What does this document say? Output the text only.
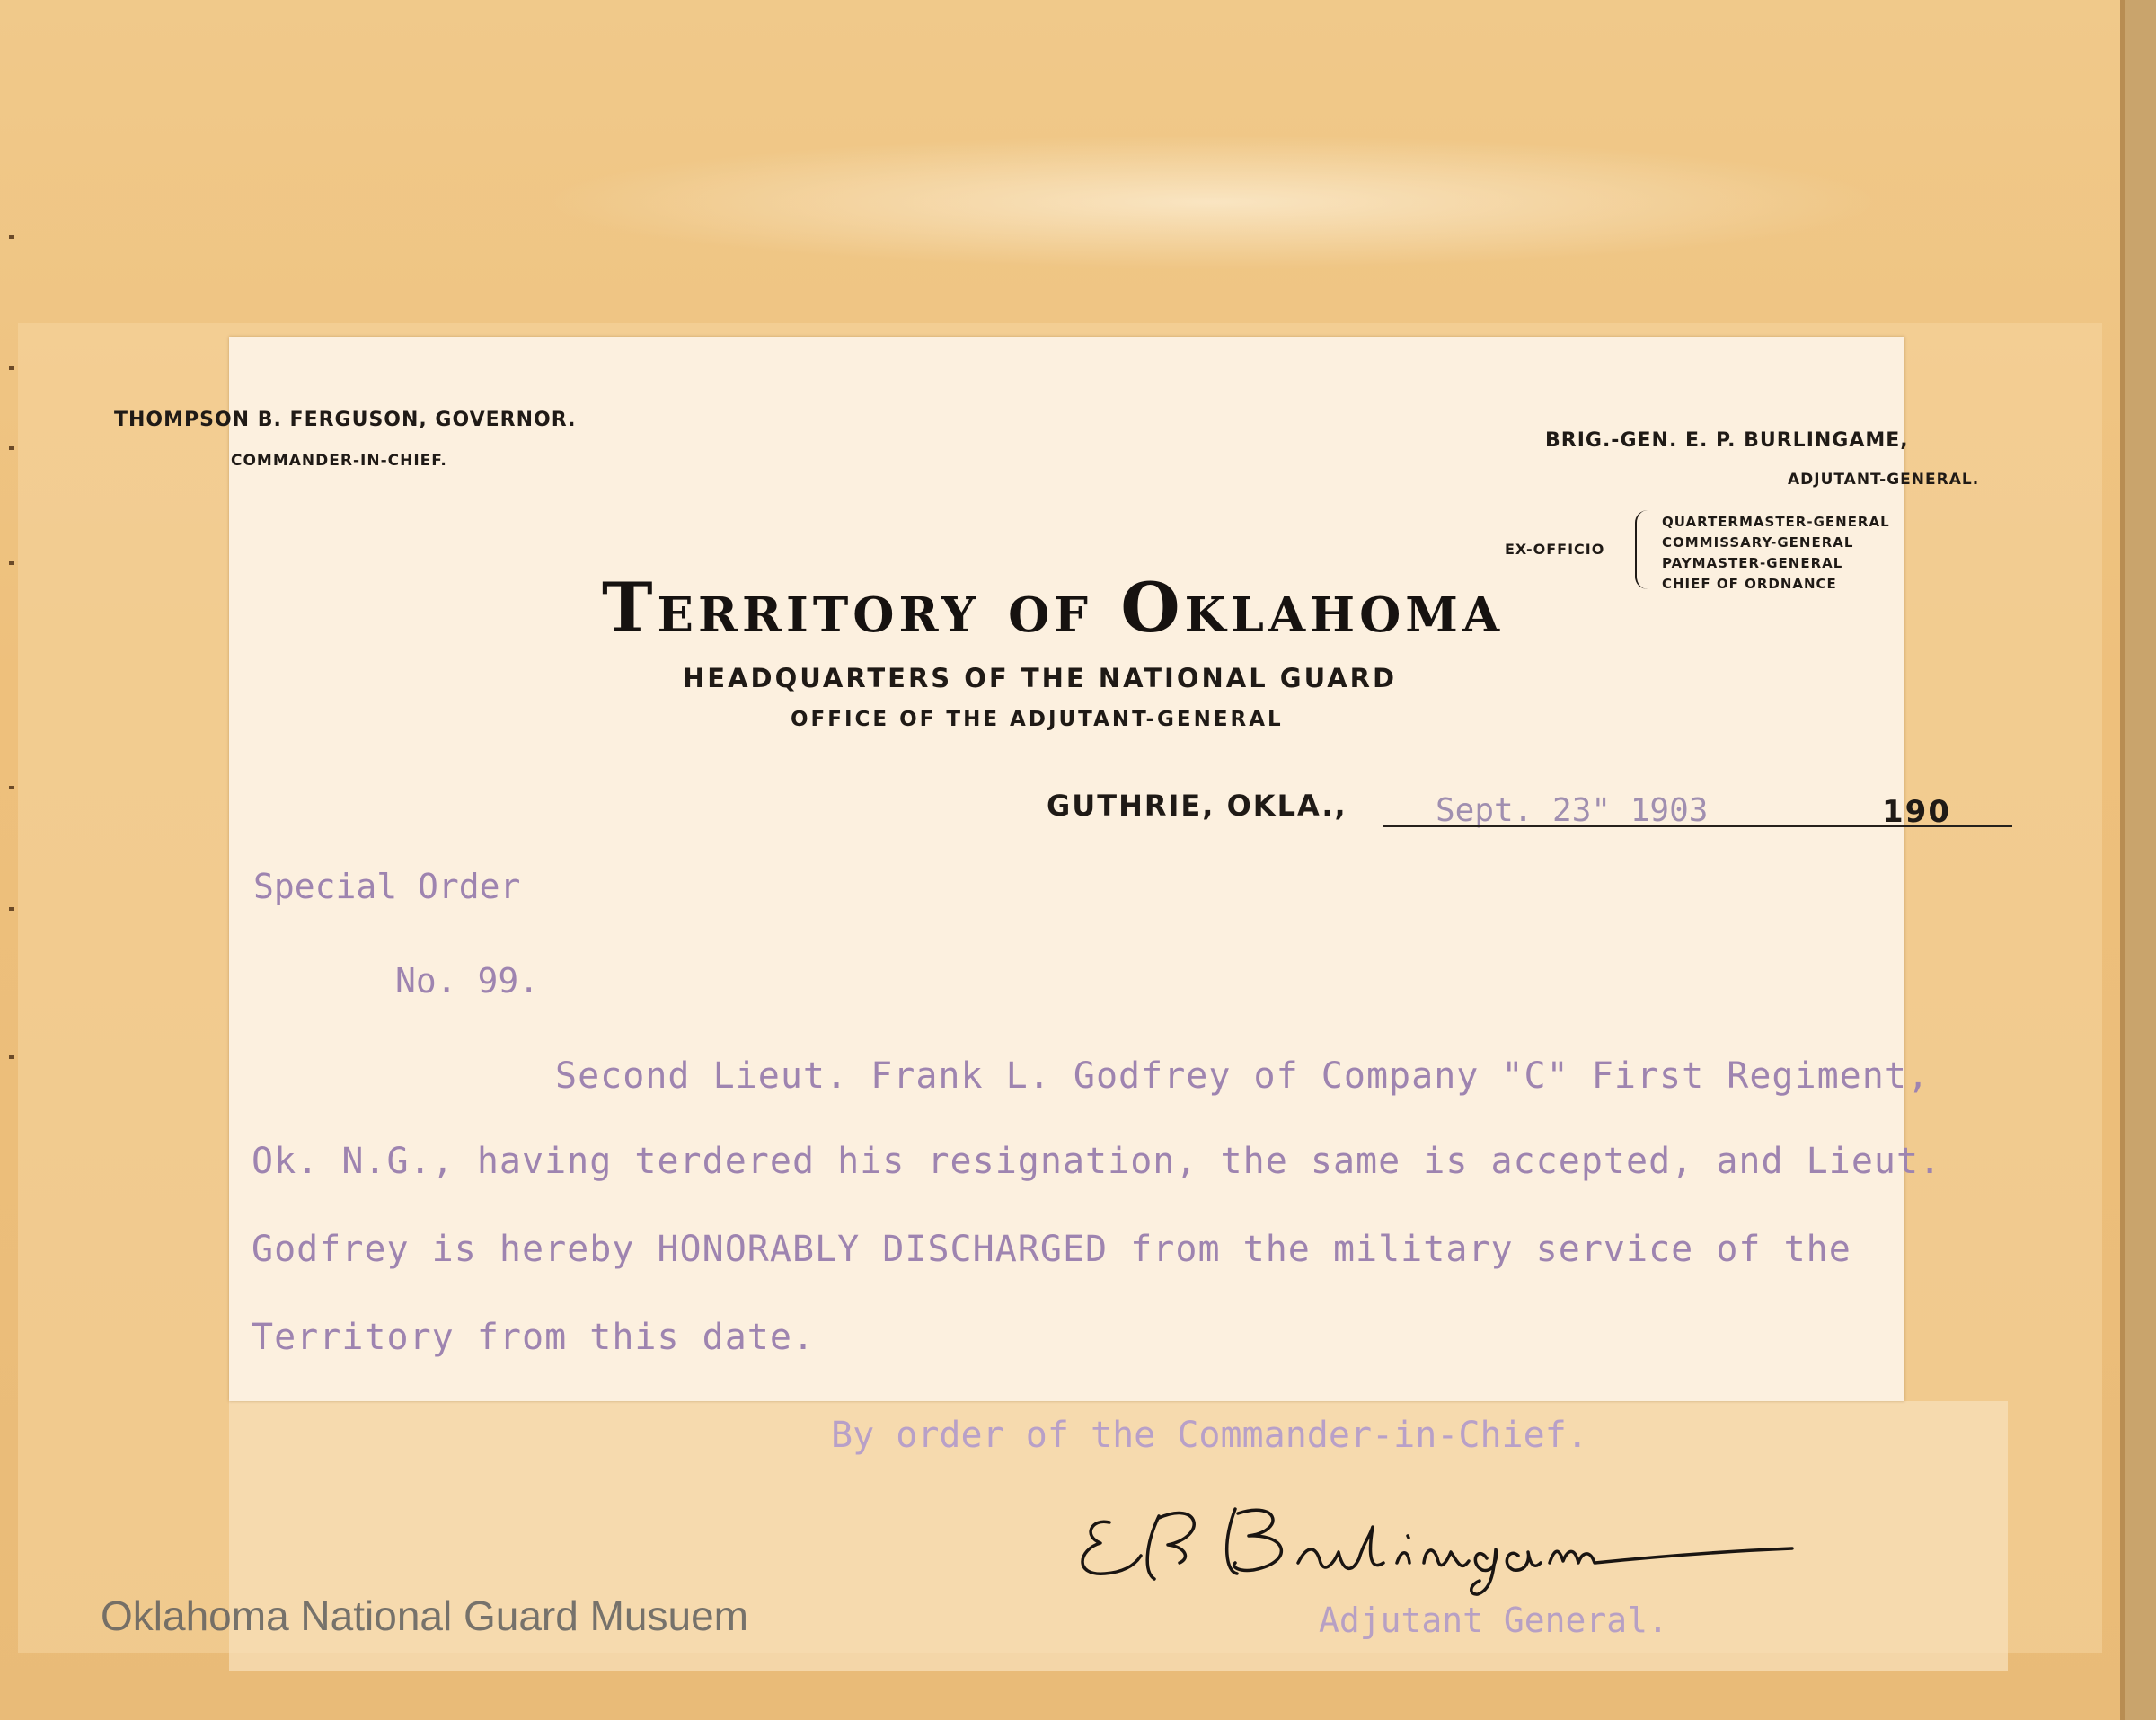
THOMPSON B. FERGUSON, GOVERNOR.
COMMANDER-IN-CHIEF.
BRIG.-GEN. E. P. BURLINGAME,
ADJUTANT-GENERAL.
EX-OFFICIO
QUARTERMASTER-GENERAL
COMMISSARY-GENERAL
PAYMASTER-GENERAL
CHIEF OF ORDNANCE
Territory of Oklahoma
HEADQUARTERS OF THE NATIONAL GUARD
OFFICE OF THE ADJUTANT-GENERAL
GUTHRIE, OKLA.,	Sept. 23" 1903	190
Special Order
No. 99.
Second Lieut. Frank L. Godfrey of Company "C" First Regiment,
Ok. N.G., having terdered his resignation, the same is accepted, and Lieut.
Godfrey is hereby HONORABLY DISCHARGED from the military service of the
Territory from this date.
By order of the Commander-in-Chief.
Adjutant General.
Oklahoma National Guard Musuem
